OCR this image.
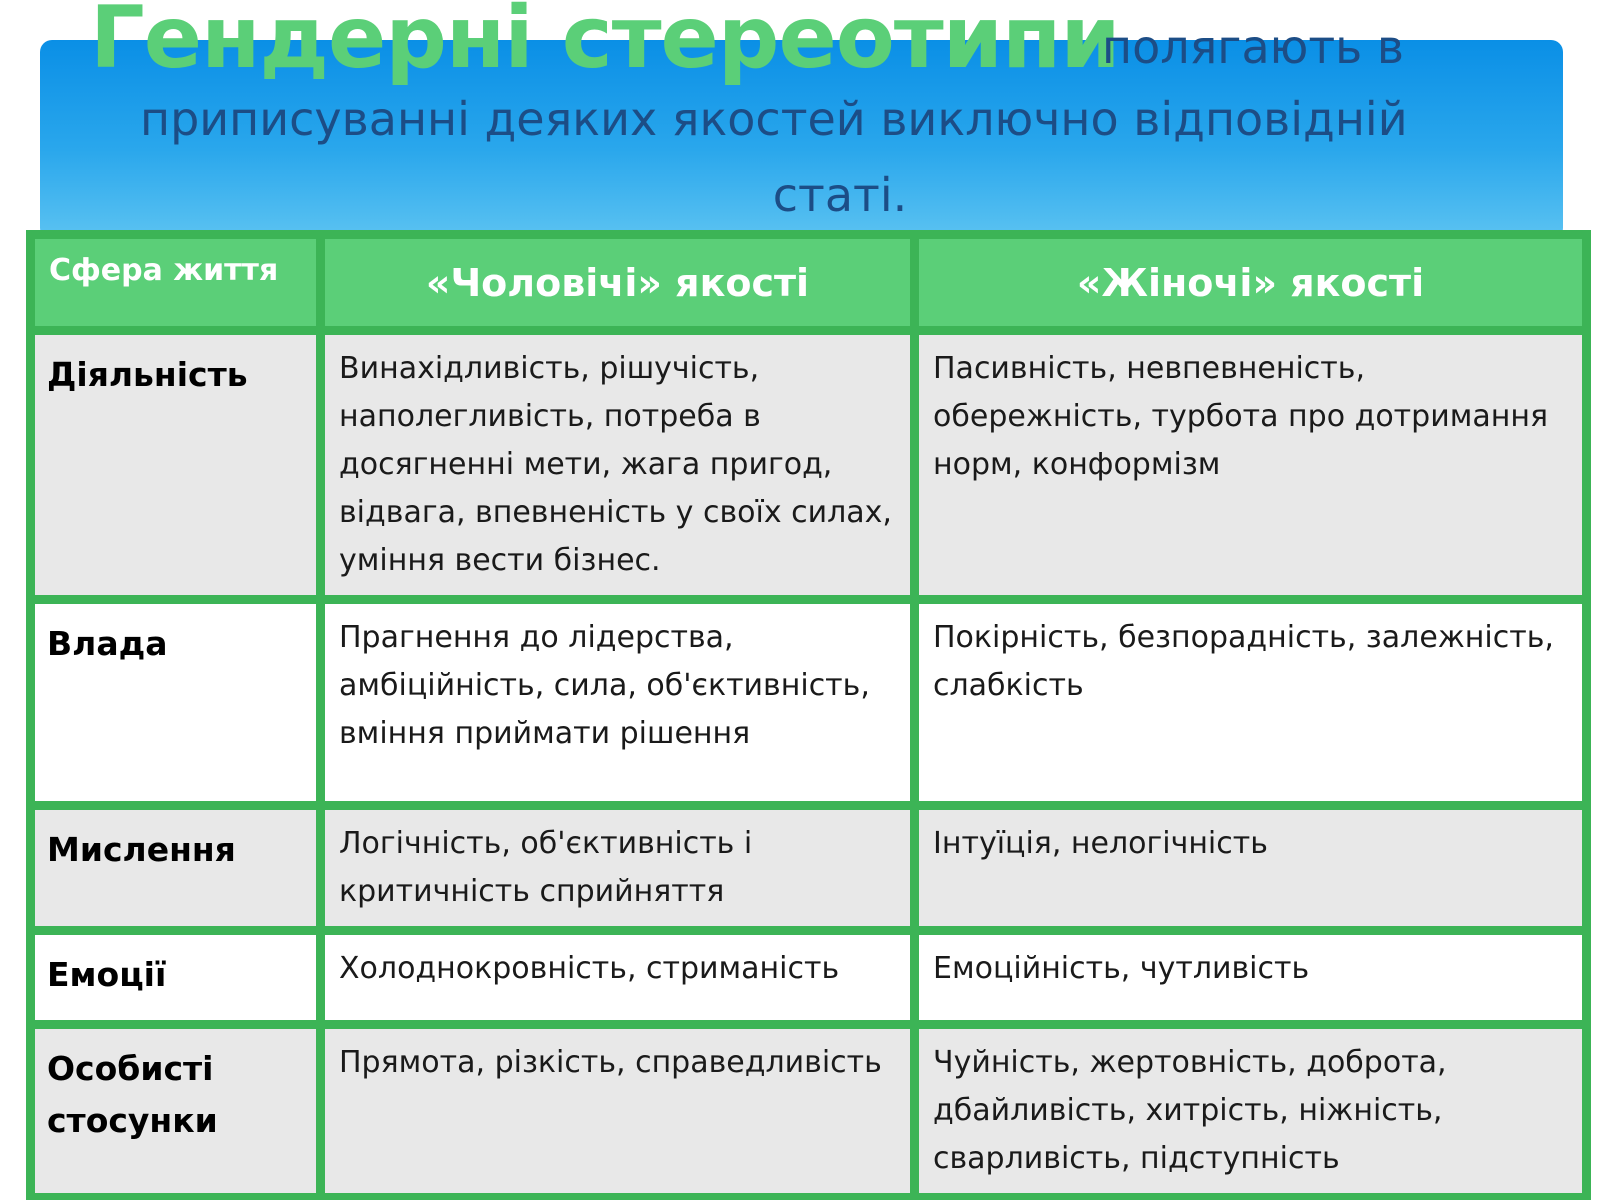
Гендерні стереотипи
полягають в
приписуванні деяких якостей виключно відповідній
статі.
Сфера життя	«Чоловічі» якості	«Жіночі» якості
Діяльність	Винахідливість, рішучість, наполегливість, потреба в досягненні мети, жага пригод, відвага, впевненість у своїх силах, уміння вести бізнес.	Пасивність, невпевненість, обережність, турбота про дотримання норм, конформізм
Влада	Прагнення до лідерства, амбіційність, сила, об'єктивність, вміння приймати рішення	Покірність, безпорадність, залежність, слабкість
Мислення	Логічність, об'єктивність і критичність сприйняття	Інтуїція, нелогічність
Емоції	Холоднокровність, стриманість	Емоційність, чутливість
Особисті стосунки	Прямота, різкість, справедливість	Чуйність, жертовність, доброта, дбайливість, хитрість, ніжність, сварливість, підступність
